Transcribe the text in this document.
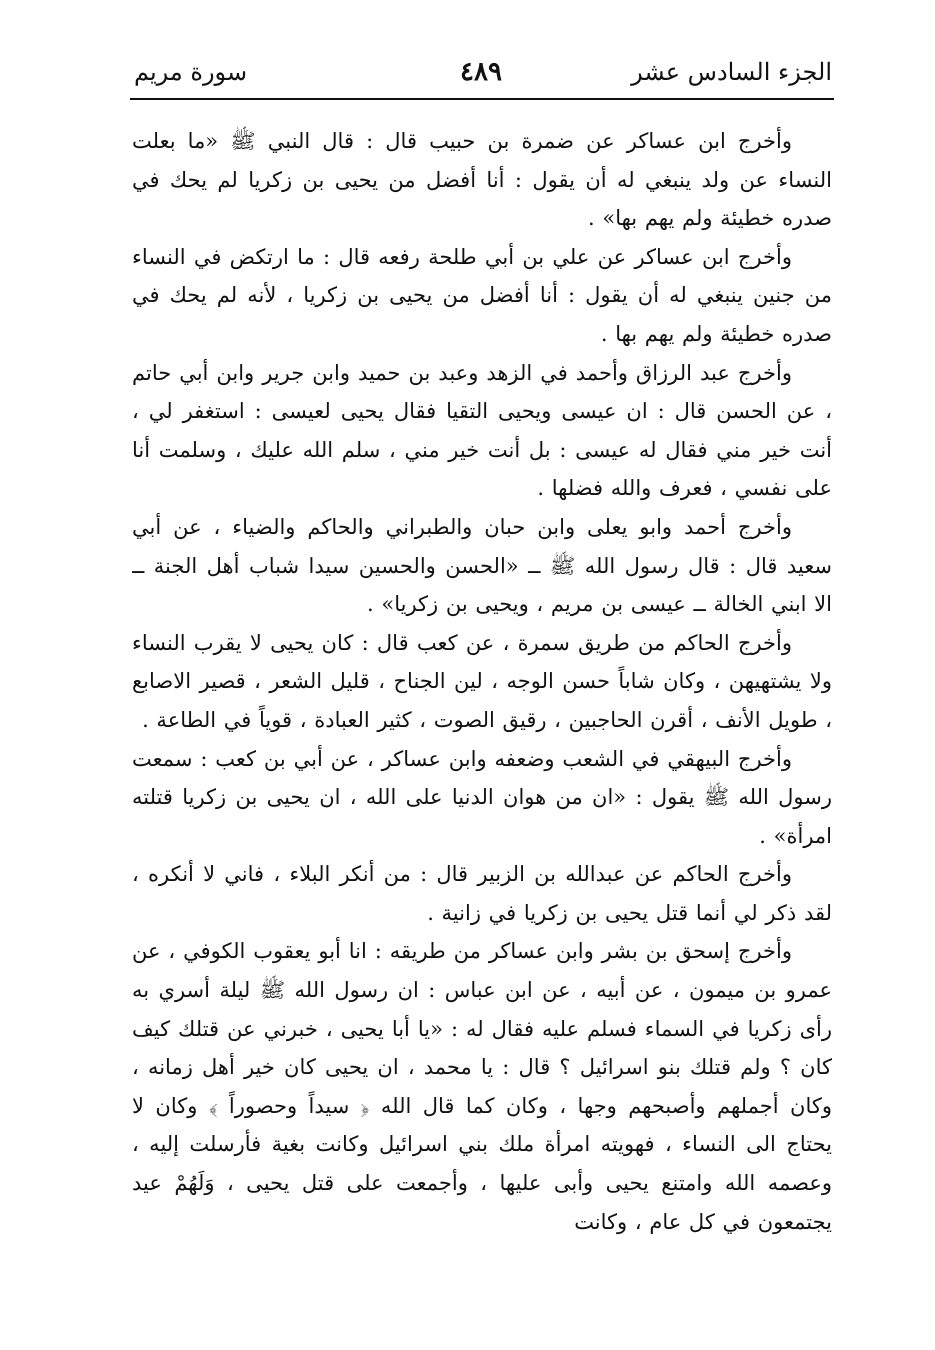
الجزء السادس عشر
٤٨٩
سورة مريم

وأخرج ابن عساكر عن ضمرة بن حبيب قال : قال النبي ﷺ «ما بعلت النساء عن ولد ينبغي له أن يقول : أنا أفضل من يحيى بن زكريا لم يحك في صدره خطيئة ولم يهم بها» .

وأخرج ابن عساكر عن علي بن أبي طلحة رفعه قال : ما ارتكض في النساء من جنين ينبغي له أن يقول : أنا أفضل من يحيى بن زكريا ، لأنه لم يحك في صدره خطيئة ولم يهم بها .

وأخرج عبد الرزاق وأحمد في الزهد وعبد بن حميد وابن جرير وابن أبي حاتم ، عن الحسن قال : ان عيسى ويحيى التقيا فقال يحيى لعيسى : استغفر لي ، أنت خير مني فقال له عيسى : بل أنت خير مني ، سلم الله عليك ، وسلمت أنا على نفسي ، فعرف والله فضلها .

وأخرج أحمد وابو يعلى وابن حبان والطبراني والحاكم والضياء ، عن أبي سعيد قال : قال رسول الله ﷺ ــ «الحسن والحسين سيدا شباب أهل الجنة ــ الا ابني الخالة ــ عيسى بن مريم ، ويحيى بن زكريا» .

وأخرج الحاكم من طريق سمرة ، عن كعب قال : كان يحيى لا يقرب النساء ولا يشتهيهن ، وكان شاباً حسن الوجه ، لين الجناح ، قليل الشعر ، قصير الاصابع ، طويل الأنف ، أقرن الحاجبين ، رقيق الصوت ، كثير العبادة ، قوياً في الطاعة .

وأخرج البيهقي في الشعب وضعفه وابن عساكر ، عن أبي بن كعب : سمعت رسول الله ﷺ يقول : «ان من هوان الدنيا على الله ، ان يحيى بن زكريا قتلته امرأة» .

وأخرج الحاكم عن عبدالله بن الزبير قال : من أنكر البلاء ، فاني لا أنكره ، لقد ذكر لي أنما قتل يحيى بن زكريا في زانية .

وأخرج إسحق بن بشر وابن عساكر من طريقه : انا أبو يعقوب الكوفي ، عن عمرو بن ميمون ، عن أبيه ، عن ابن عباس : ان رسول الله ﷺ ليلة أسري به رأى زكريا في السماء فسلم عليه فقال له : «يا أبا يحيى ، خبرني عن قتلك كيف كان ؟ ولم قتلك بنو اسرائيل ؟ قال : يا محمد ، ان يحيى كان خير أهل زمانه ، وكان أجملهم وأصبحهم وجها ، وكان كما قال الله ﴿ سيداً وحصوراً ﴾ وكان لا يحتاج الى النساء ، فهويته امرأة ملك بني اسرائيل وكانت بغية فأرسلت إليه ، وعصمه الله وامتنع يحيى وأبى عليها ، وأجمعت على قتل يحيى ، وَلَهُمْ عيد يجتمعون في كل عام ، وكانت
